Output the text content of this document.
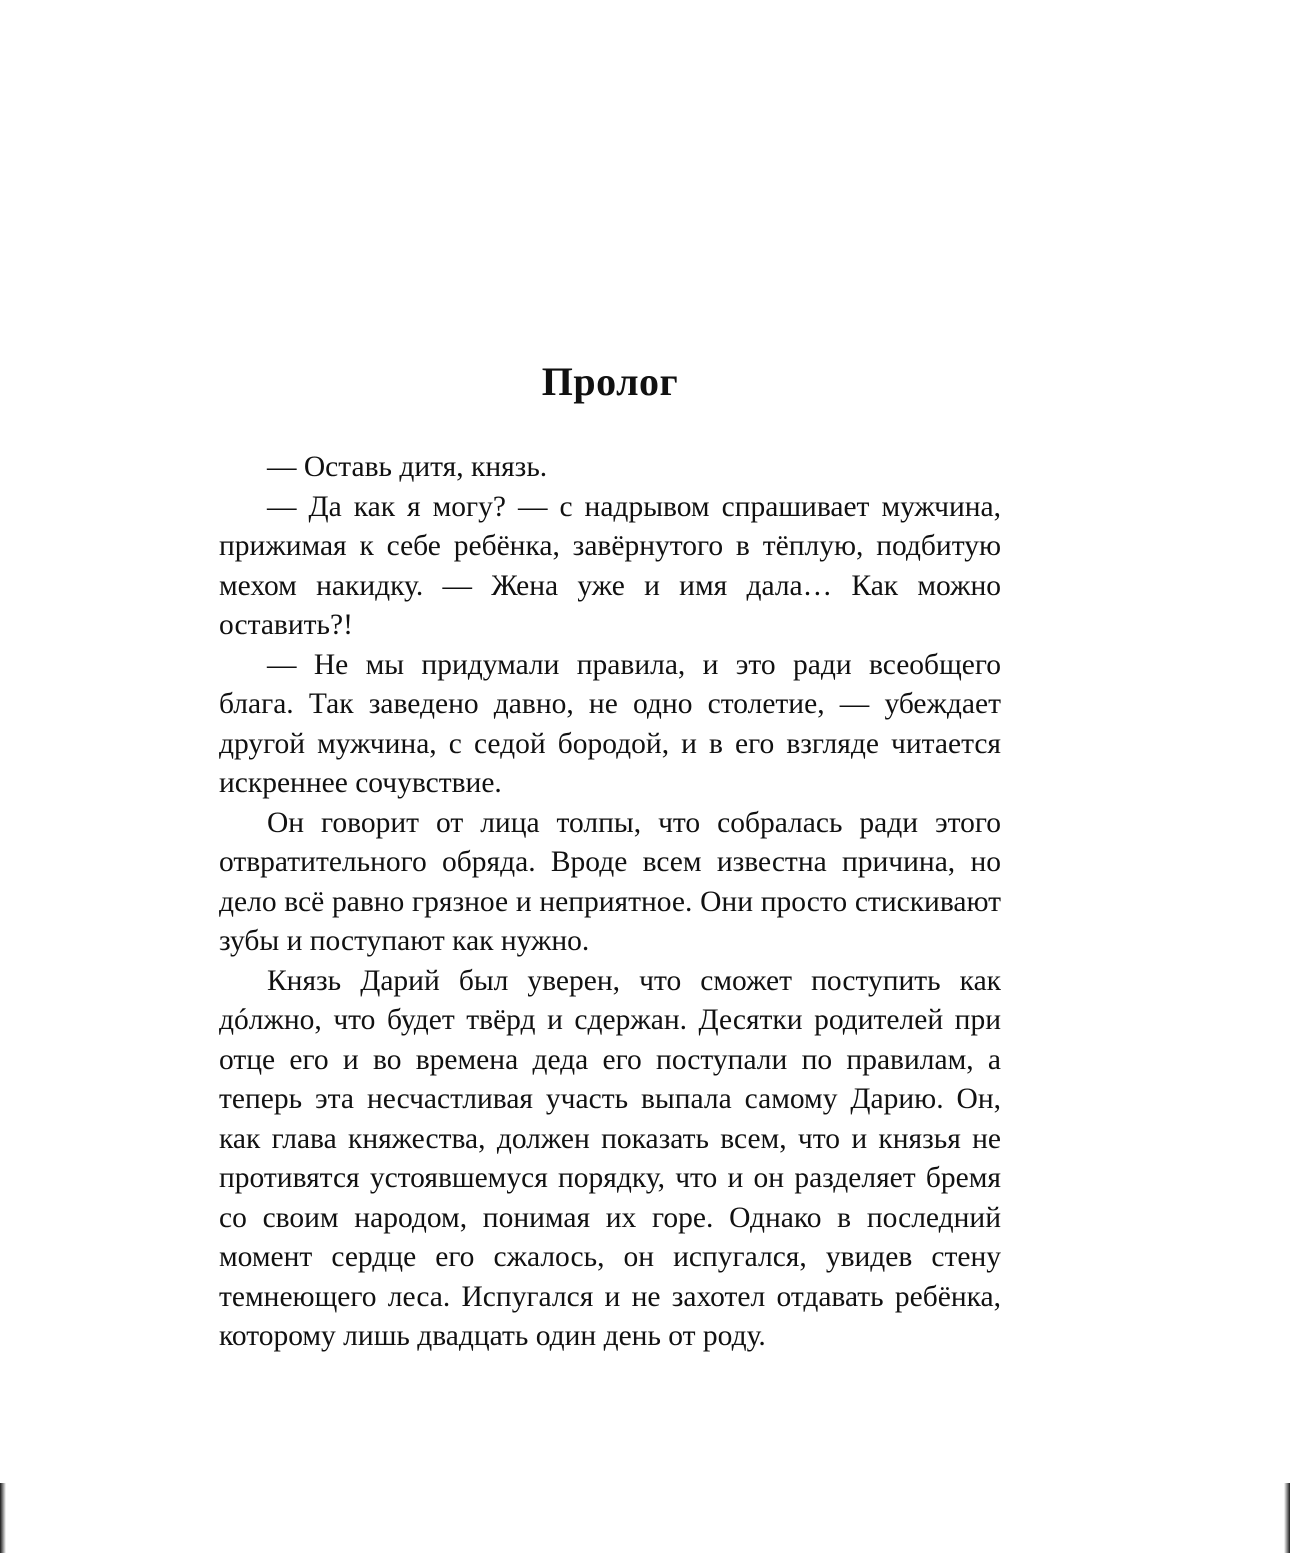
Пролог

— Оставь дитя, князь.

— Да как я могу? — с надрывом спрашивает мужчина, прижимая к себе ребёнка, завёрнутого в тёплую, подбитую мехом накидку. — Жена уже и имя дала… Как можно оставить?!

— Не мы придумали правила, и это ради всеобщего блага. Так заведено давно, не одно столетие, — убеждает другой мужчина, с седой бородой, и в его взгляде читается искреннее сочувствие.

Он говорит от лица толпы, что собралась ради этого отвратительного обряда. Вроде всем известна причина, но дело всё равно грязное и неприятное. Они просто стискивают зубы и поступают как нужно.

Князь Дарий был уверен, что сможет поступить как дóлжно, что будет твёрд и сдержан. Десятки родителей при отце его и во времена деда его поступали по правилам, а теперь эта несчастливая участь выпала самому Дарию. Он, как глава княжества, должен показать всем, что и князья не противятся устоявшемуся порядку, что и он разделяет бремя со своим народом, понимая их горе. Однако в последний момент сердце его сжалось, он испугался, увидев стену темнеющего леса. Испугался и не захотел отдавать ребёнка, которому лишь двадцать один день от роду.
